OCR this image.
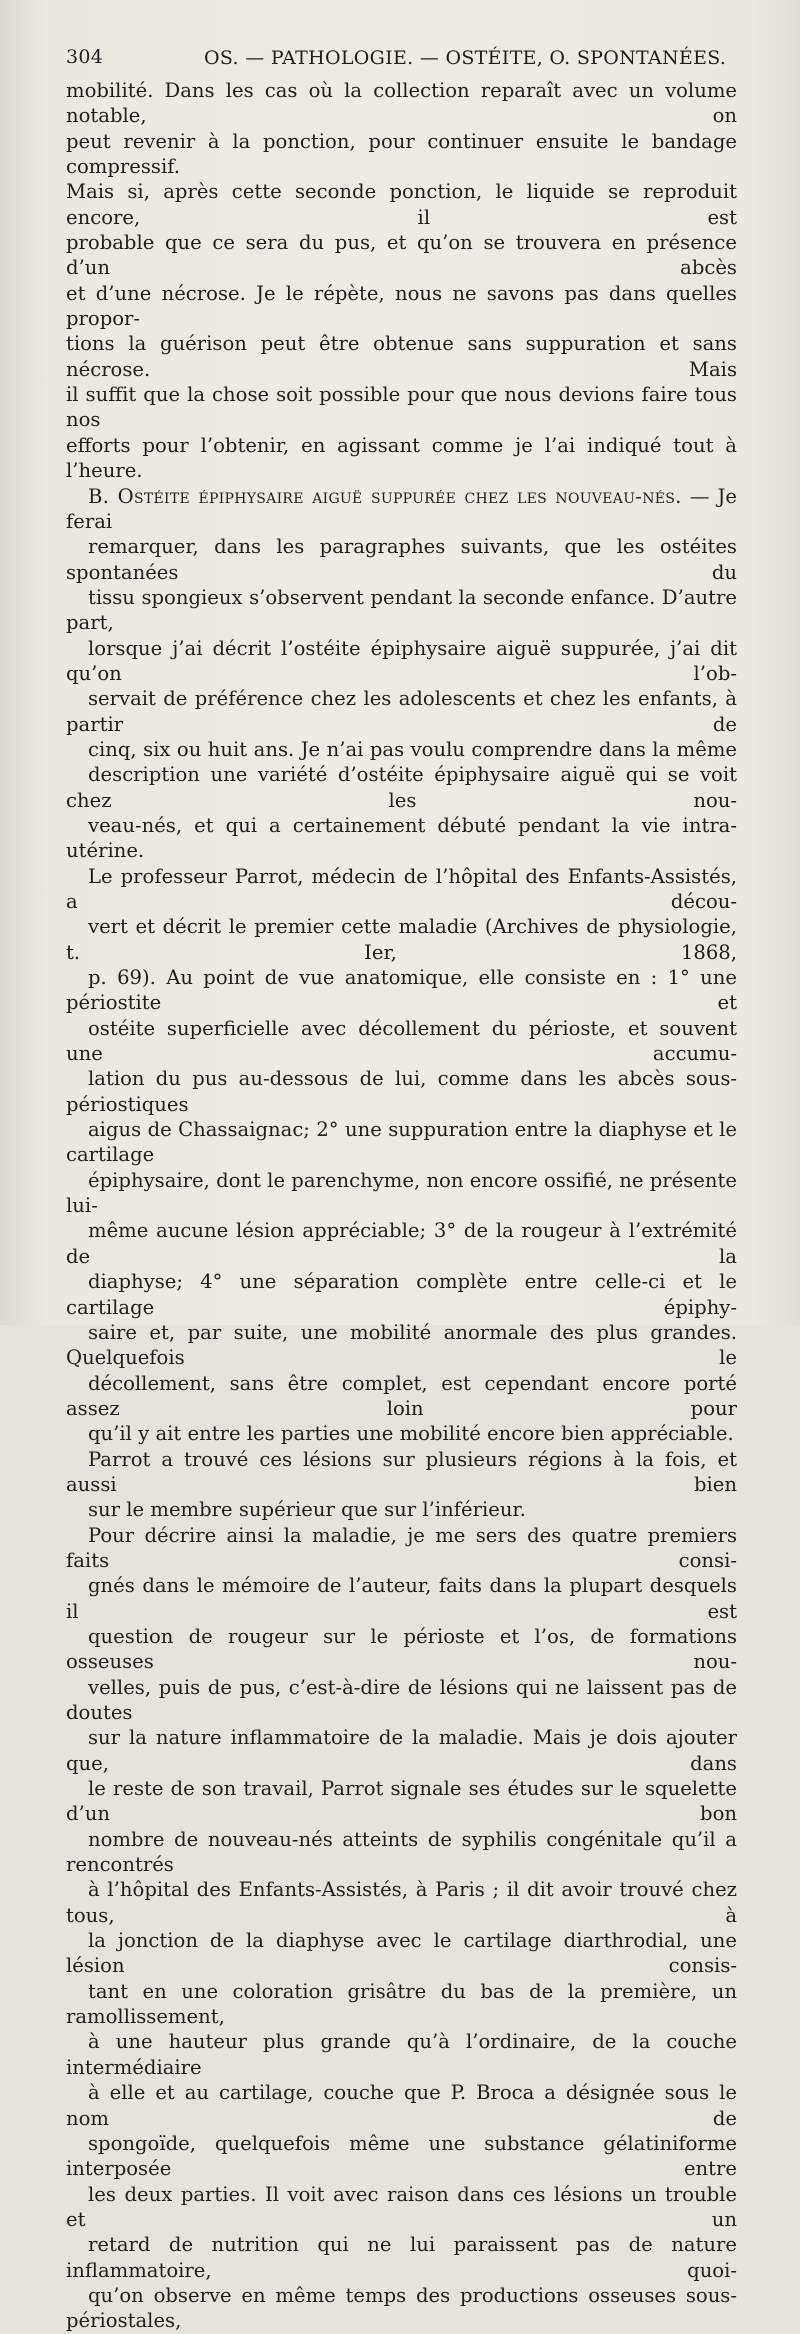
304	OS. — PATHOLOGIE. — OSTÉITE, O. SPONTANÉES.

mobilité. Dans les cas où la collection reparaît avec un volume notable, on
peut revenir à la ponction, pour continuer ensuite le bandage compressif.
Mais si, après cette seconde ponction, le liquide se reproduit encore, il est
probable que ce sera du pus, et qu’on se trouvera en présence d’un abcès
et d’une nécrose. Je le répète, nous ne savons pas dans quelles propor-
tions la guérison peut être obtenue sans suppuration et sans nécrose. Mais
il suffit que la chose soit possible pour que nous devions faire tous nos
efforts pour l’obtenir, en agissant comme je l’ai indiqué tout à l’heure.

B. Ostéite épiphysaire aiguë suppurée chez les nouveau-nés. — Je ferai
remarquer, dans les paragraphes suivants, que les ostéites spontanées du
tissu spongieux s’observent pendant la seconde enfance. D’autre part,
lorsque j’ai décrit l’ostéite épiphysaire aiguë suppurée, j’ai dit qu’on l’ob-
servait de préférence chez les adolescents et chez les enfants, à partir de
cinq, six ou huit ans. Je n’ai pas voulu comprendre dans la même
description une variété d’ostéite épiphysaire aiguë qui se voit chez les nou-
veau-nés, et qui a certainement débuté pendant la vie intra-utérine.

Le professeur Parrot, médecin de l’hôpital des Enfants-Assistés, a décou-
vert et décrit le premier cette maladie (Archives de physiologie, t. Ier, 1868,
p. 69). Au point de vue anatomique, elle consiste en : 1° une périostite et
ostéite superficielle avec décollement du périoste, et souvent une accumu-
lation du pus au-dessous de lui, comme dans les abcès sous-périostiques
aigus de Chassaignac; 2° une suppuration entre la diaphyse et le cartilage
épiphysaire, dont le parenchyme, non encore ossifié, ne présente lui-
même aucune lésion appréciable; 3° de la rougeur à l’extrémité de la
diaphyse; 4° une séparation complète entre celle-ci et le cartilage épiphy-
saire et, par suite, une mobilité anormale des plus grandes. Quelquefois le
décollement, sans être complet, est cependant encore porté assez loin pour
qu’il y ait entre les parties une mobilité encore bien appréciable.

Parrot a trouvé ces lésions sur plusieurs régions à la fois, et aussi bien
sur le membre supérieur que sur l’inférieur.

Pour décrire ainsi la maladie, je me sers des quatre premiers faits consi-
gnés dans le mémoire de l’auteur, faits dans la plupart desquels il est
question de rougeur sur le périoste et l’os, de formations osseuses nou-
velles, puis de pus, c’est-à-dire de lésions qui ne laissent pas de doutes
sur la nature inflammatoire de la maladie. Mais je dois ajouter que, dans
le reste de son travail, Parrot signale ses études sur le squelette d’un bon
nombre de nouveau-nés atteints de syphilis congénitale qu’il a rencontrés
à l’hôpital des Enfants-Assistés, à Paris ; il dit avoir trouvé chez tous, à
la jonction de la diaphyse avec le cartilage diarthrodial, une lésion consis-
tant en une coloration grisâtre du bas de la première, un ramollissement,
à une hauteur plus grande qu’à l’ordinaire, de la couche intermédiaire
à elle et au cartilage, couche que P. Broca a désignée sous le nom de
spongoïde, quelquefois même une substance gélatiniforme interposée entre
les deux parties. Il voit avec raison dans ces lésions un trouble et un
retard de nutrition qui ne lui paraissent pas de nature inflammatoire, quoi-
qu’on observe en même temps des productions osseuses sous-périostales,
